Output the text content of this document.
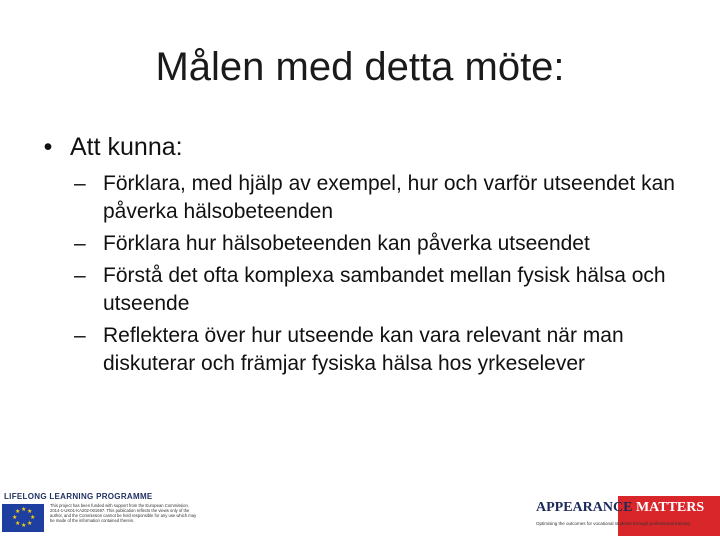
Målen med detta möte:
• Att kunna:
– Förklara, med hjälp av exempel, hur och varför utseendet kan påverka hälsobeteenden
– Förklara hur hälsobeteenden kan påverka utseendet
– Förstå det ofta komplexa sambandet mellan fysisk hälsa och utseende
– Reflektera över hur utseende kan vara relevant när man diskuterar och främjar fysiska hälsa hos yrkeselever
LIFELONG LEARNING PROGRAMME
★ ★
★
★
★
★
★
★
This project has been funded with support from the European Commission. 2014-1-UK01-KA202-001697. This publication reflects the views only of the author, and the Commission cannot be held responsible for any use which may be made of the information contained therein.
APPEARANCE MATTERS
Optimising the outcomes for vocational students through professional training
